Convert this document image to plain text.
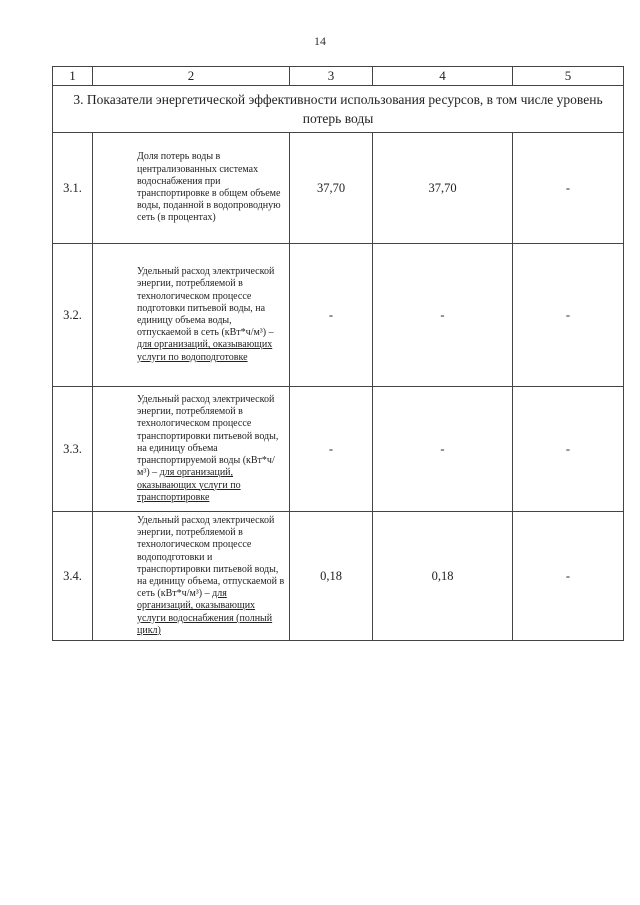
14
1	2	3	4	5
3. Показатели энергетической эффективности использования ресурсов, в том числе уровень потерь воды				
3.1.	Доля потерь воды в централизованных системах водоснабжения при транспортировке в общем объеме воды, поданной в водопроводную сеть (в процентах)	37,70	37,70	-
3.2.	Удельный расход электрической энергии, потребляемой в технологическом процессе подготовки питьевой воды, на единицу объема воды, отпускаемой в сеть (кВт*ч/м³) – для организаций, оказывающих услуги по водоподготовке	-	-	-
3.3.	Удельный расход электрической энергии, потребляемой в технологическом процессе транспортировки питьевой воды, на единицу объема транспортируемой воды (кВт*ч/м³) – для организаций, оказывающих услуги по транспортировке	-	-	-
3.4.	Удельный расход электрической энергии, потребляемой в технологическом процессе водоподготовки и транспортировки питьевой воды, на единицу объема, отпускаемой в сеть (кВт*ч/м³) – для организаций, оказывающих услуги водоснабжения (полный цикл)	0,18	0,18	-
